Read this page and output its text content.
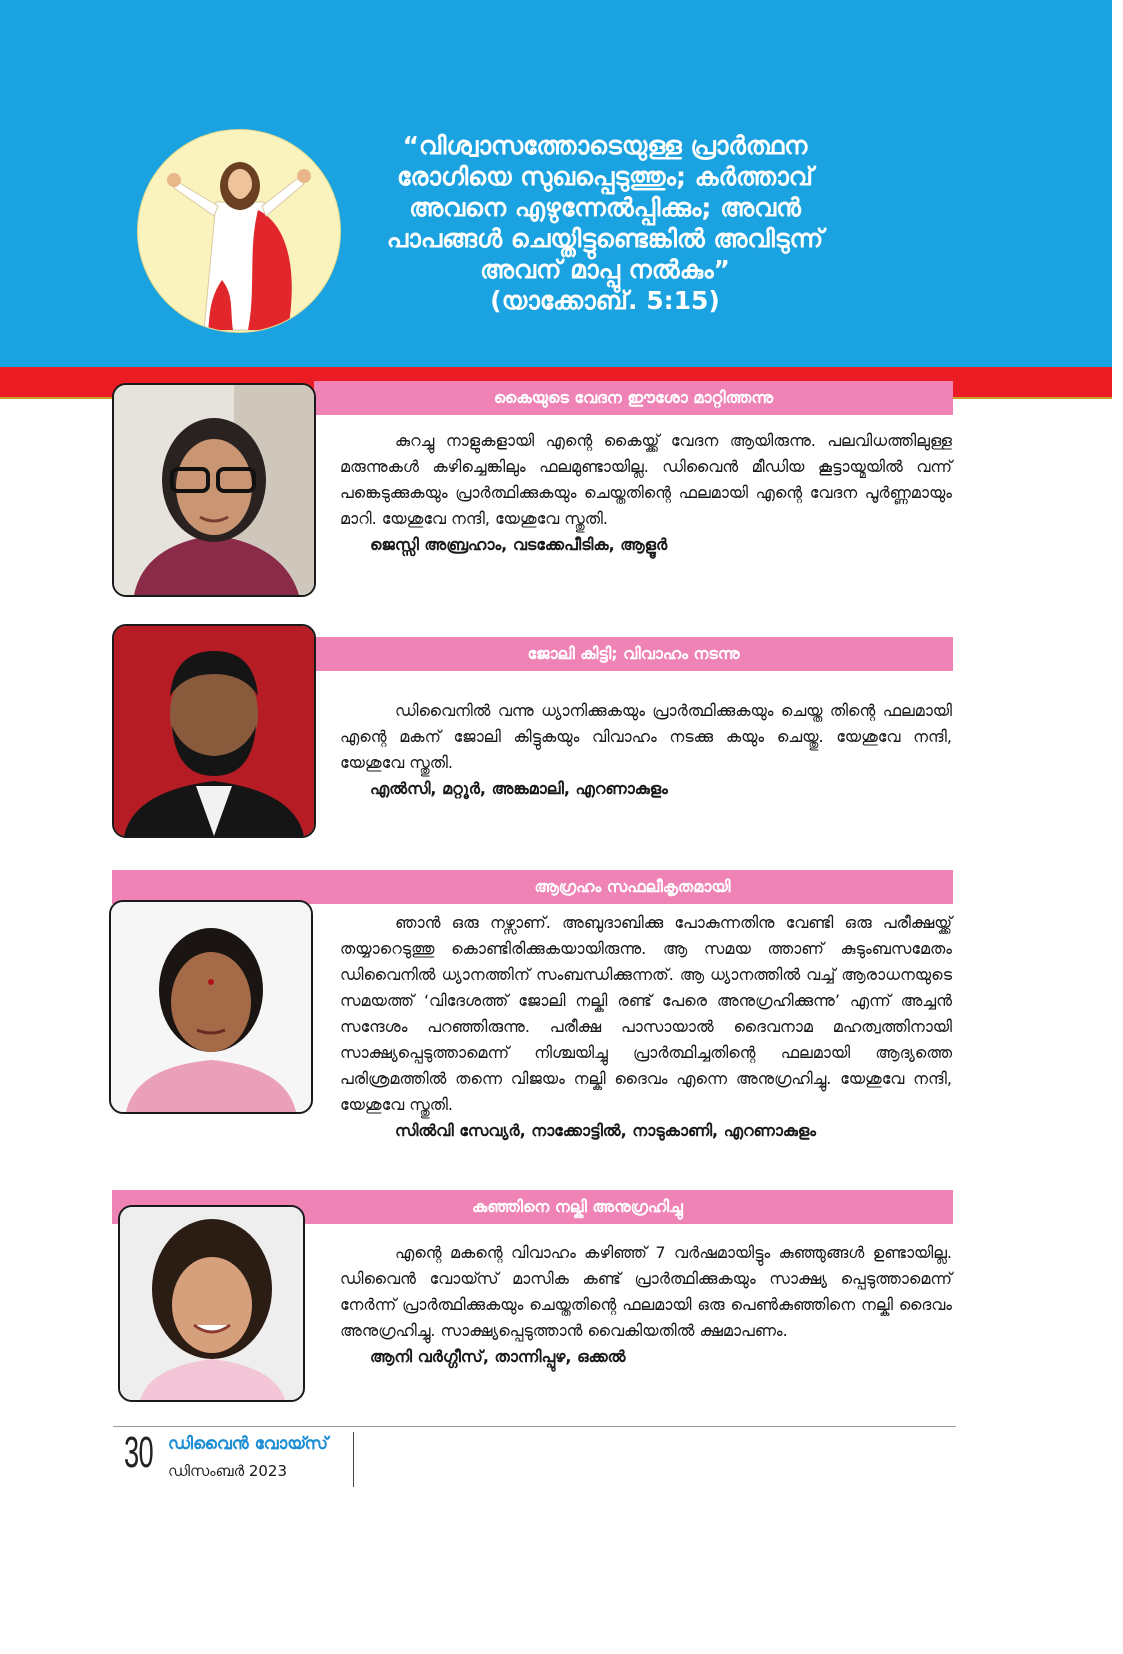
“വിശ്വാസത്തോടെയുള്ള പ്രാർത്ഥന
രോഗിയെ സുഖപ്പെടുത്തും; കർത്താവ്
അവനെ എഴുന്നേൽപ്പിക്കും; അവൻ
പാപങ്ങൾ ചെയ്തിട്ടുണ്ടെങ്കിൽ അവിടുന്ന്
അവന് മാപ്പു നൽകും”
(യാക്കോബ്. 5:15)
കൈയുടെ വേദന ഈശോ മാറ്റിത്തന്നു

കുറച്ചു നാളുകളായി എന്റെ കൈയ്ക്ക് വേദന ആയിരുന്നു. പലവിധത്തിലുള്ള മരുന്നുകൾ കഴിച്ചെങ്കിലും ഫലമുണ്ടായില്ല. ഡിവൈൻ മീഡിയ കൂട്ടായ്മയിൽ വന്ന് പങ്കെടുക്കുകയും പ്രാർത്ഥിക്കുകയും ചെയ്തതിന്റെ ഫലമായി എന്റെ വേദന പൂർണ്ണമായും മാറി. യേശുവേ നന്ദി, യേശുവേ സ്തുതി.

ജെസ്സി അബ്രഹാം, വടക്കേപീടിക, ആളൂർ

ജോലി കിട്ടി; വിവാഹം നടന്നു

ഡിവൈനിൽ വന്നു ധ്യാനിക്കുകയും പ്രാർത്ഥിക്കുകയും ചെയ്ത തിന്റെ ഫലമായി എന്റെ മകന് ജോലി കിട്ടുകയും വിവാഹം നടക്കു കയും ചെയ്തു. യേശുവേ നന്ദി, യേശുവേ സ്തുതി.

എൽസി, മറ്റൂർ, അങ്കമാലി, എറണാകുളം

ആഗ്രഹം സഫലീകൃതമായി

ഞാൻ ഒരു നഴ്സാണ്. അബുദാബിക്കു പോകുന്നതിനു വേണ്ടി ഒരു പരീക്ഷയ്ക്ക് തയ്യാറെടുത്തു കൊണ്ടിരിക്കുകയായിരുന്നു. ആ സമയ ത്താണ് കുടുംബസമേതം ഡിവൈനിൽ ധ്യാനത്തിന് സംബന്ധിക്കുന്നത്. ആ ധ്യാനത്തിൽ വച്ച് ആരാധനയുടെ സമയത്ത് ‘വിദേശത്ത് ജോലി നല്കി രണ്ട് പേരെ അനുഗ്രഹിക്കുന്നു’ എന്ന് അച്ചൻ സന്ദേശം പറഞ്ഞിരുന്നു. പരീക്ഷ പാസായാൽ ദൈവനാമ മഹത്വത്തിനായി സാക്ഷ്യപ്പെടുത്താമെന്ന് നിശ്ചയിച്ചു പ്രാർത്ഥിച്ചതിന്റെ ഫലമായി ആദ്യത്തെ പരിശ്രമത്തിൽ തന്നെ വിജയം നല്കി ദൈവം എന്നെ അനുഗ്രഹിച്ചു. യേശുവേ നന്ദി, യേശുവേ സ്തുതി.

സിൽവി സേവ്യർ, നാക്കോട്ടിൽ, നാടുകാണി, എറണാകുളം

കുഞ്ഞിനെ നല്കി അനുഗ്രഹിച്ചു

എന്റെ മകന്റെ വിവാഹം കഴിഞ്ഞ് 7 വർഷമായിട്ടും കുഞ്ഞുങ്ങൾ ഉണ്ടായില്ല. ഡിവൈൻ വോയ്സ് മാസിക കണ്ട് പ്രാർത്ഥിക്കുകയും സാക്ഷ്യ പ്പെടുത്താമെന്ന് നേർന്ന് പ്രാർത്ഥിക്കുകയും ചെയ്തതിന്റെ ഫലമായി ഒരു പെൺകുഞ്ഞിനെ നല്കി ദൈവം അനുഗ്രഹിച്ചു. സാക്ഷ്യപ്പെടുത്താൻ വൈകിയതിൽ ക്ഷമാപണം.

ആനി വർഗ്ഗീസ്, താന്നിപ്പുഴ, ഒക്കൽ

30 ഡിവൈൻ വോയ്സ്
ഡിസംബർ 2023
